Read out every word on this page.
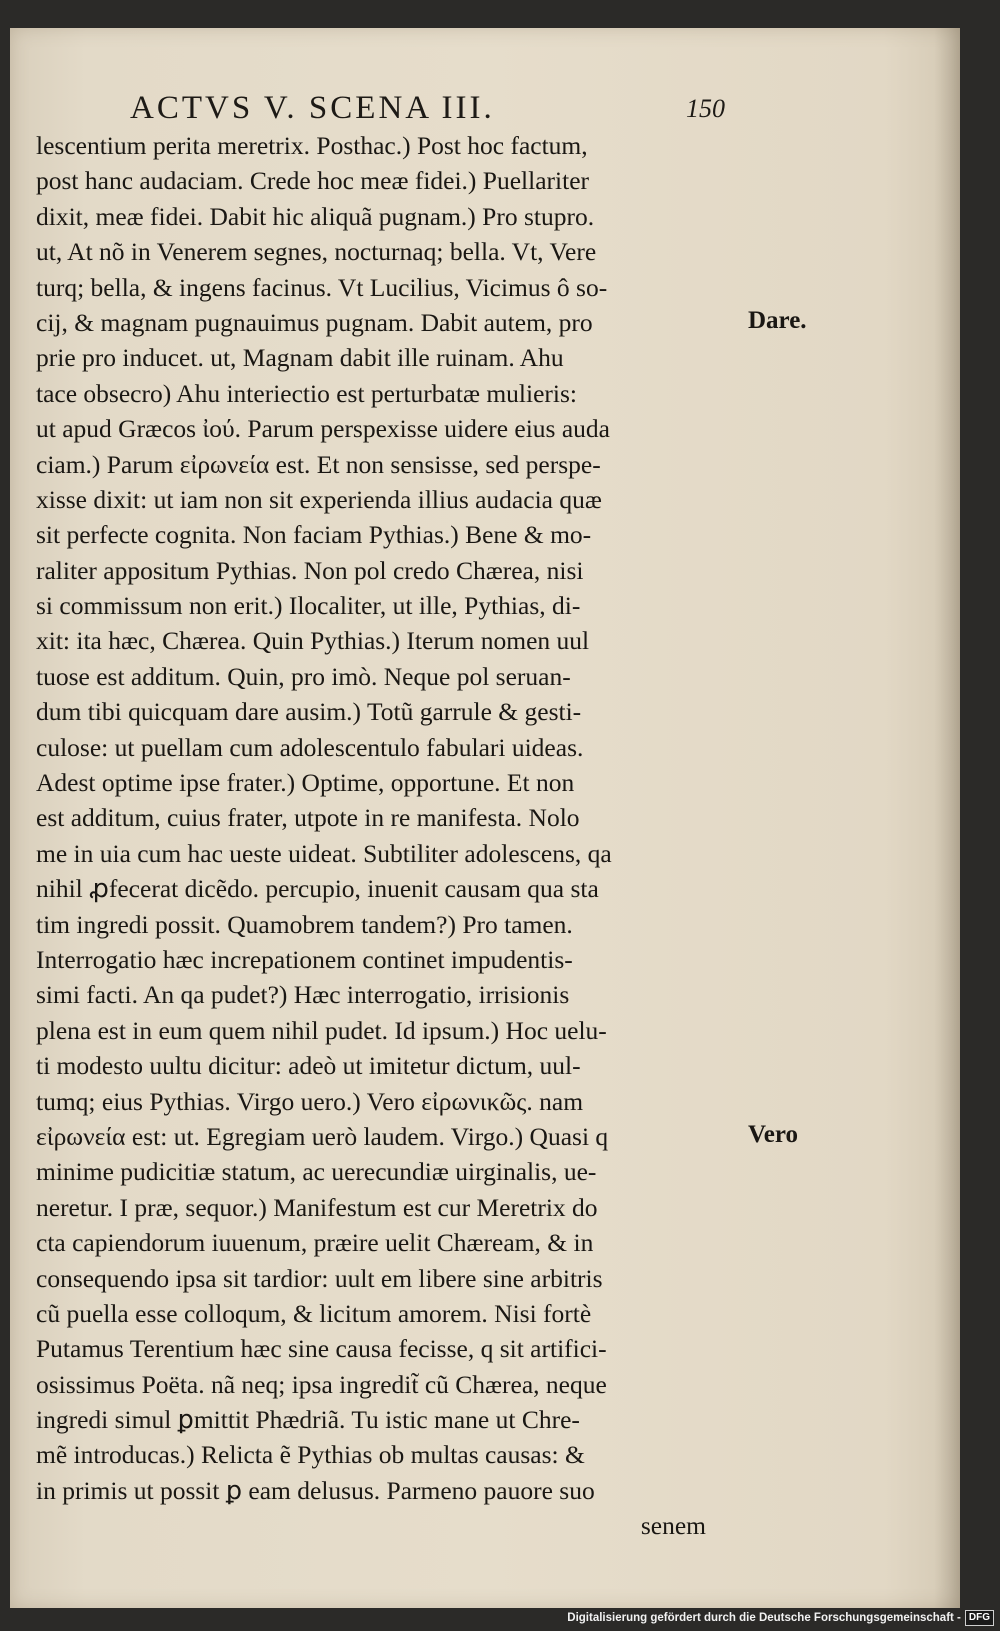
ACTVS V. SCENA III.	150
lescentium perita meretrix. Posthac.) Post hoc factum,
post hanc audaciam. Crede hoc meæ fidei.) Puellariter
dixit, meæ fidei. Dabit hic aliquã pugnam.) Pro stupro.
ut, At nõ in Venerem segnes, nocturnaq; bella. Vt, Vere
turq; bella, & ingens facinus. Vt Lucilius, Vicimus ô so-
cij, & magnam pugnauimus pugnam. Dabit autem, pro
prie pro inducet. ut, Magnam dabit ille ruinam. Ahu
tace obsecro) Ahu interiectio est perturbatæ mulieris:
ut apud Græcos ἰού. Parum perspexisse uidere eius auda
ciam.) Parum εἰρωνεία est. Et non sensisse, sed perspe-
xisse dixit: ut iam non sit experienda illius audacia quæ
sit perfecte cognita. Non faciam Pythias.) Bene & mo-
raliter appositum Pythias. Non pol credo Chærea, nisi
si commissum non erit.) Ilocaliter, ut ille, Pythias, di-
xit: ita hæc, Chærea. Quin Pythias.) Iterum nomen uul
tuose est additum. Quin, pro imò. Neque pol seruan-
dum tibi quicquam dare ausim.) Totũ garrule & gesti-
culose: ut puellam cum adolescentulo fabulari uideas.
Adest optime ipse frater.) Optime, opportune. Et non
est additum, cuius frater, utpote in re manifesta. Nolo
me in uia cum hac ueste uideat. Subtiliter adolescens, qa
nihil ꝓfecerat dicẽdo. percupio, inuenit causam qua sta
tim ingredi possit. Quamobrem tandem?) Pro tamen.
Interrogatio hæc increpationem continet impudentis-
simi facti. An qa pudet?) Hæc interrogatio, irrisionis
plena est in eum quem nihil pudet. Id ipsum.) Hoc uelu-
ti modesto uultu dicitur: adeò ut imitetur dictum, uul-
tumq; eius Pythias. Virgo uero.) Vero εἰρωνικῶς. nam
εἰρωνεία est: ut. Egregiam uerò laudem. Virgo.) Quasi q
minime pudicitiæ statum, ac uerecundiæ uirginalis, ue-
neretur. I præ, sequor.) Manifestum est cur Meretrix do
cta capiendorum iuuenum, præire uelit Chæream, & in
consequendo ipsa sit tardior: uult em libere sine arbitris
cũ puella esse colloqum, & licitum amorem. Nisi fortè
Putamus Terentium hæc sine causa fecisse, q sit artifici-
osissimus Poëta. nã neq; ipsa ingredit̃ cũ Chærea, neque
ingredi simul ꝑmittit Phædriã. Tu istic mane ut Chre-
mẽ introducas.) Relicta ẽ Pythias ob multas causas: &
in primis ut possit ꝑ eam delusus. Parmeno pauore suo
senem
Dare.
Vero
Digitalisierung gefördert durch die Deutsche Forschungsgemeinschaft - DFG
